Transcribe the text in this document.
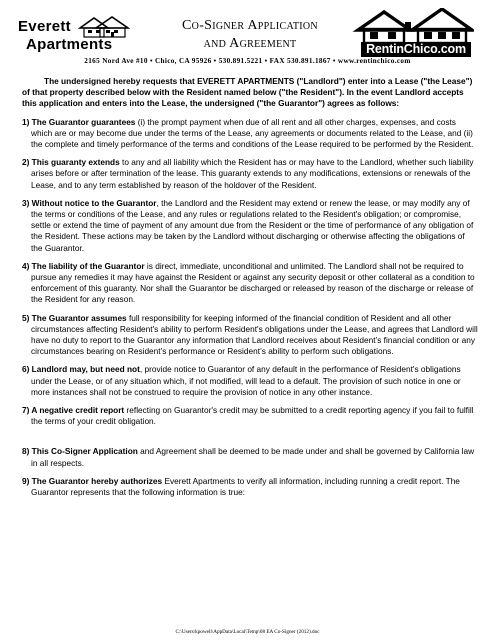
Everett
Apartments
Co-Signer Application
and Agreement	RentinChico.com
2165 Nord Ave #10 • Chico, CA 95926 • 530.891.5221 • FAX 530.891.1867 • www.rentinchico.com

The undersigned hereby requests that EVERETT APARTMENTS ("Landlord") enter into a Lease ("the Lease") of that property described below with the Resident named below ("the Resident"). In the event Landlord accepts this application and enters into the Lease, the undersigned ("the Guarantor") agrees as follows:

1) The Guarantor guarantees (i) the prompt payment when due of all rent and all other charges, expenses, and costs which are or may become due under the terms of the Lease, any agreements or documents related to the Lease, and (ii) the complete and timely performance of the terms and conditions of the Lease required to be performed by the Resident.

2) This guaranty extends to any and all liability which the Resident has or may have to the Landlord, whether such liability arises before or after termination of the lease. This guaranty extends to any modifications, extensions or renewals of the Lease, and to any term established by reason of the holdover of the Resident.

3) Without notice to the Guarantor, the Landlord and the Resident may extend or renew the lease, or may modify any of the terms or conditions of the Lease, and any rules or regulations related to the Resident's obligation; or compromise, settle or extend the time of payment of any amount due from the Resident or the time of performance of any obligation of the Resident. These actions may be taken by the Landlord without discharging or otherwise affecting the obligations of the Guarantor.

4) The liability of the Guarantor is direct, immediate, unconditional and unlimited. The Landlord shall not be required to pursue any remedies it may have against the Resident or against any security deposit or other collateral as a condition to enforcement of this guaranty. Nor shall the Guarantor be discharged or released by reason of the discharge or release of the Resident for any reason.

5) The Guarantor assumes full responsibility for keeping informed of the financial condition of Resident and all other circumstances affecting Resident's ability to perform Resident's obligations under the Lease, and agrees that Landlord will have no duty to report to the Guarantor any information that Landlord receives about Resident’s financial condition or any circumstances bearing on Resident’s performance or Resident’s ability to perform such obligations.

6) Landlord may, but need not, provide notice to Guarantor of any default in the performance of Resident's obligations under the Lease, or of any situation which, if not modified, will lead to a default. The provision of such notice in one or more instances shall not be construed to require the provision of notice in any other instance.

7) A negative credit report reflecting on Guarantor's credit may be submitted to a credit reporting agency if you fail to fulfill the terms of your credit obligation.

8) This Co-Signer Application and Agreement shall be deemed to be made under and shall be governed by California law in all respects.

9) The Guarantor hereby authorizes Everett Apartments to verify all information, including running a credit report. The Guarantor represents that the following information is true:

C:\Users\kpowell\AppData\Local\Temp\08 EA Co-Signer (2012).doc
